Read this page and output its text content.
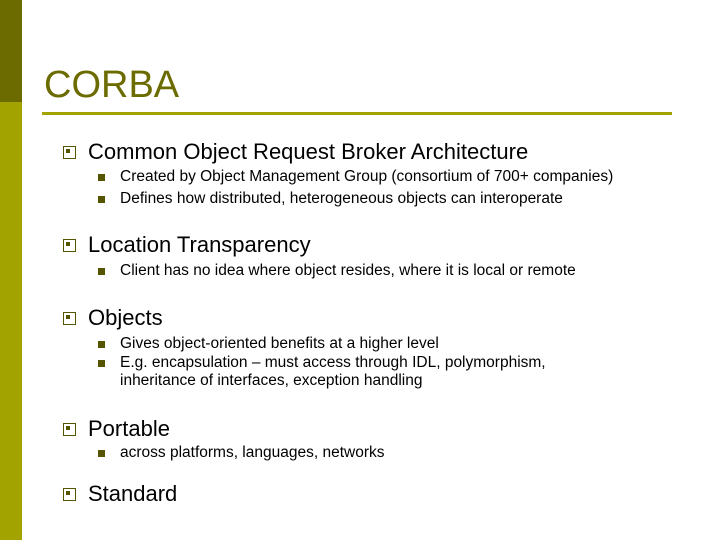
CORBA
Common Object Request Broker Architecture
Created by Object Management Group (consortium of 700+ companies)
Defines how distributed, heterogeneous objects can interoperate
Location Transparency
Client has no idea where object resides, where it is local or remote
Objects
Gives object-oriented benefits at a higher level
E.g. encapsulation – must access through IDL, polymorphism,
inheritance of interfaces, exception handling
Portable
across platforms, languages, networks
Standard
